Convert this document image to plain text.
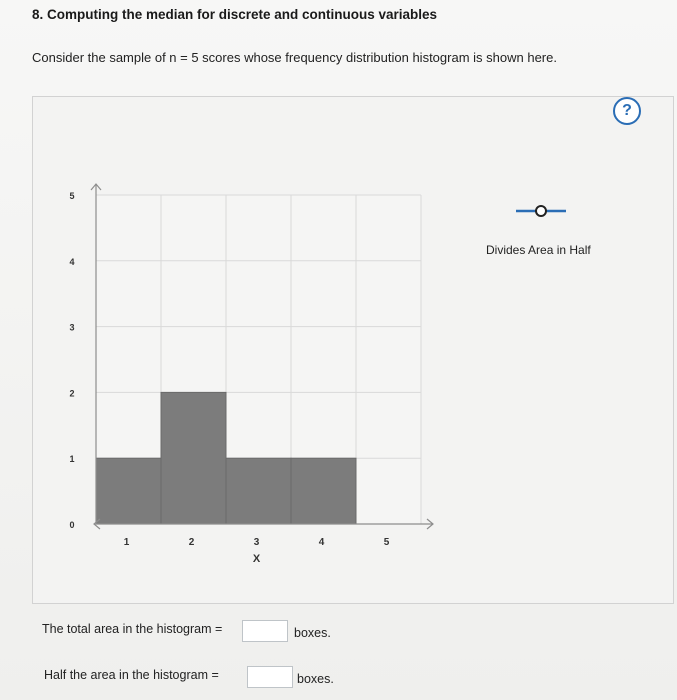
8. Computing the median for discrete and continuous variables
Consider the sample of n = 5 scores whose frequency distribution histogram is shown here.
?
0
1
2
3
4
5
1	2	3	4	5
X
Divides Area in Half
The total area in the histogram =	boxes.
Half the area in the histogram =	boxes.
